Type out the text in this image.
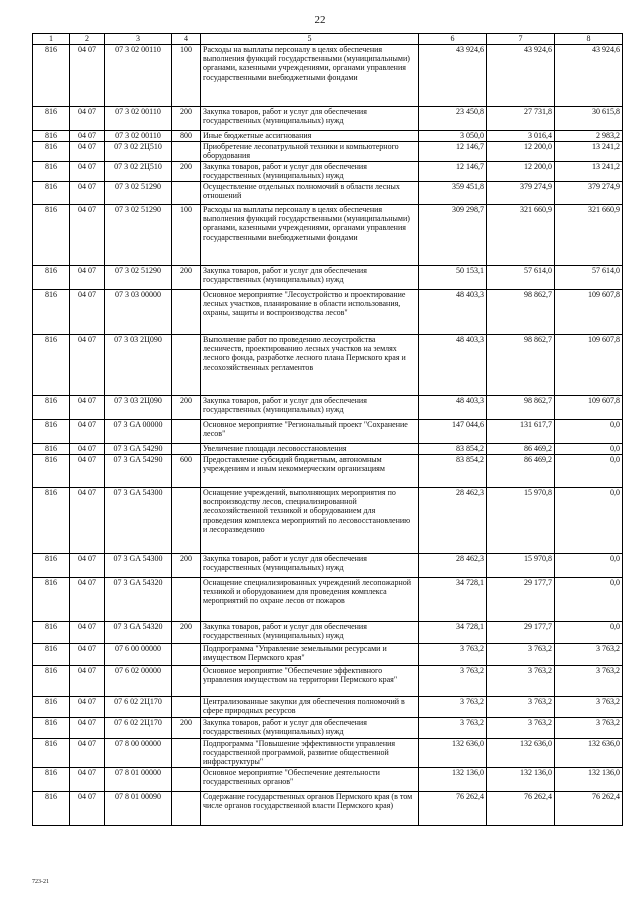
22
1	2	3	4	5	6	7	8
816	04 07	07 3 02 00110	100	Расходы на выплаты персоналу в целях обеспечения выполнения функций государственными (муниципальными) органами, казенными учреждениями, органами управления государственными внебюджетными фондами	43 924,6	43 924,6	43 924,6
816	04 07	07 3 02 00110	200	Закупка товаров, работ и услуг для обеспечения государственных (муниципальных) нужд	23 450,8	27 731,8	30 615,8
816	04 07	07 3 02 00110	800	Иные бюджетные ассигнования	3 050,0	3 016,4	2 983,2
816	04 07	07 3 02 2Ц510		Приобретение лесопатрульной техники и компьютерного оборудования	12 146,7	12 200,0	13 241,2
816	04 07	07 3 02 2Ц510	200	Закупка товаров, работ и услуг для обеспечения государственных (муниципальных) нужд	12 146,7	12 200,0	13 241,2
816	04 07	07 3 02 51290		Осуществление отдельных полномочий в области лесных отношений	359 451,8	379 274,9	379 274,9
816	04 07	07 3 02 51290	100	Расходы на выплаты персоналу в целях обеспечения выполнения функций государственными (муниципальными) органами, казенными учреждениями, органами управления государственными внебюджетными фондами	309 298,7	321 660,9	321 660,9
816	04 07	07 3 02 51290	200	Закупка товаров, работ и услуг для обеспечения государственных (муниципальных) нужд	50 153,1	57 614,0	57 614,0
816	04 07	07 3 03 00000		Основное мероприятие "Лесоустройство и проектирование лесных участков, планирование в области использования, охраны, защиты и воспроизводства лесов"	48 403,3	98 862,7	109 607,8
816	04 07	07 3 03 2Ц090		Выполнение работ по проведению лесоустройства лесничеств, проектированию лесных участков на землях лесного фонда, разработке лесного плана Пермского края и лесохозяйственных регламентов	48 403,3	98 862,7	109 607,8
816	04 07	07 3 03 2Ц090	200	Закупка товаров, работ и услуг для обеспечения государственных (муниципальных) нужд	48 403,3	98 862,7	109 607,8
816	04 07	07 3 GA 00000		Основное мероприятие "Региональный проект "Сохранение лесов"	147 044,6	131 617,7	0,0
816	04 07	07 3 GA 54290		Увеличение площади лесовосстановления	83 854,2	86 469,2	0,0
816	04 07	07 3 GA 54290	600	Предоставление субсидий бюджетным, автономным учреждениям и иным некоммерческим организациям	83 854,2	86 469,2	0,0
816	04 07	07 3 GA 54300		Оснащение учреждений, выполняющих мероприятия по воспроизводству лесов, специализированной лесохозяйственной техникой и оборудованием для проведения комплекса мероприятий по лесовосстановлению и лесоразведению	28 462,3	15 970,8	0,0
816	04 07	07 3 GA 54300	200	Закупка товаров, работ и услуг для обеспечения государственных (муниципальных) нужд	28 462,3	15 970,8	0,0
816	04 07	07 3 GA 54320		Оснащение специализированных учреждений лесопожарной техникой и оборудованием для проведения комплекса мероприятий по охране лесов от пожаров	34 728,1	29 177,7	0,0
816	04 07	07 3 GA 54320	200	Закупка товаров, работ и услуг для обеспечения государственных (муниципальных) нужд	34 728,1	29 177,7	0,0
816	04 07	07 6 00 00000		Подпрограмма "Управление земельными ресурсами и имуществом Пермского края"	3 763,2	3 763,2	3 763,2
816	04 07	07 6 02 00000		Основное мероприятие "Обеспечение эффективного управления имуществом на территории Пермского края"	3 763,2	3 763,2	3 763,2
816	04 07	07 6 02 2Ц170		Централизованные закупки для обеспечения полномочий в сфере природных ресурсов	3 763,2	3 763,2	3 763,2
816	04 07	07 6 02 2Ц170	200	Закупка товаров, работ и услуг для обеспечения государственных (муниципальных) нужд	3 763,2	3 763,2	3 763,2
816	04 07	07 8 00 00000		Подпрограмма "Повышение эффективности управления государственной программой, развитие общественной инфраструктуры"	132 636,0	132 636,0	132 636,0
816	04 07	07 8 01 00000		Основное мероприятие "Обеспечение деятельности государственных органов"	132 136,0	132 136,0	132 136,0
816	04 07	07 8 01 00090		Содержание государственных органов Пермского края (в том числе органов государственной власти Пермского края)	76 262,4	76 262,4	76 262,4
723-21
